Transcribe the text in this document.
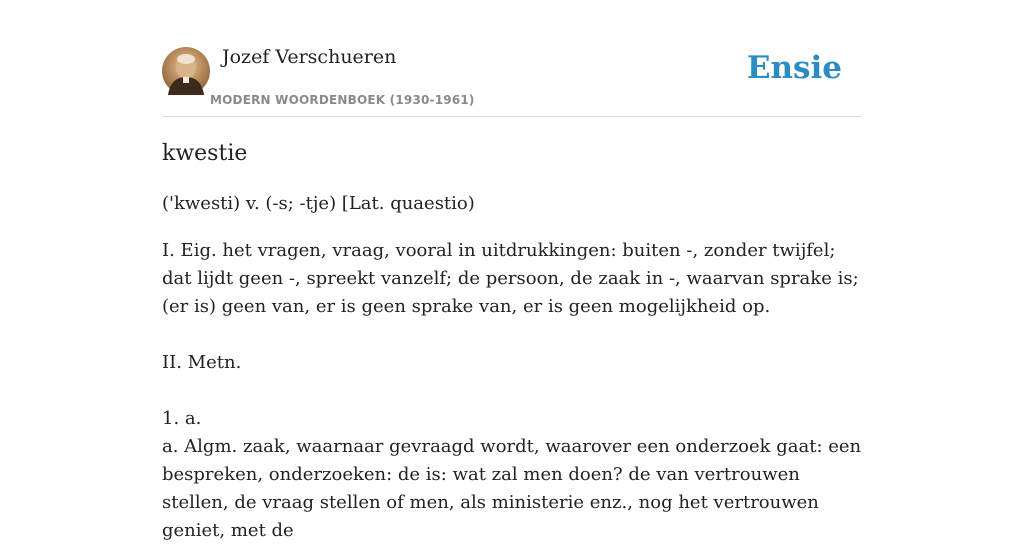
Jozef Verschueren
MODERN WOORDENBOEK (1930-1961)
Ensie
kwestie
('kwesti) v. (-s; -tje) [Lat. quaestio)

I. Eig. het vragen, vraag, vooral in uitdrukkingen: buiten -, zonder twijfel; dat lijdt geen -, spreekt vanzelf; de persoon, de zaak in -, waarvan sprake is; (er is) geen van, er is geen sprake van, er is geen mogelijkheid op.

II. Metn.

1. a.

a. Algm. zaak, waarnaar gevraagd wordt, waarover een onderzoek gaat: een bespreken, onderzoeken: de is: wat zal men doen? de van vertrouwen stellen, de vraag stellen of men, als ministerie enz., nog het vertrouwen geniet, met de
